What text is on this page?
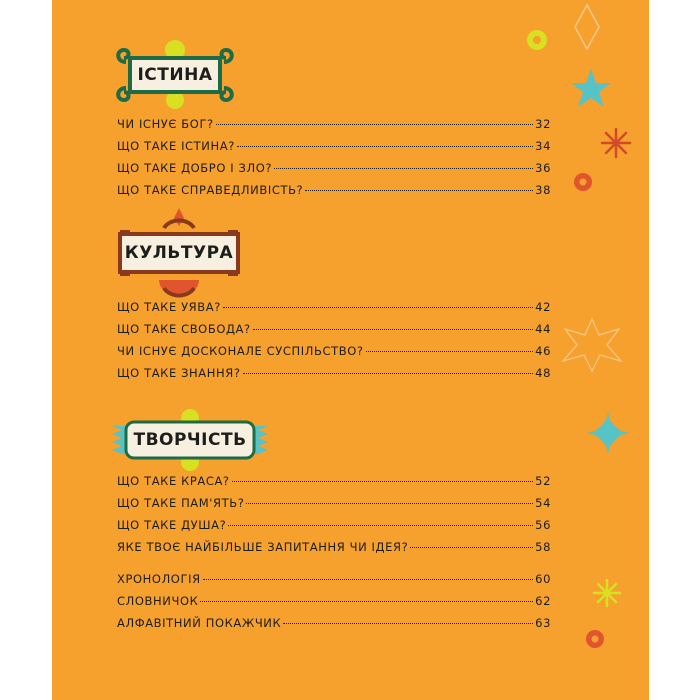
ІСТИНА
ЧИ ІСНУЄ БОГ?	32
ЩО ТАКЕ ІСТИНА?	34
ЩО ТАКЕ ДОБРО І ЗЛО?	36
ЩО ТАКЕ СПРАВЕДЛИВІСТЬ?	38
КУЛЬТУРА
ЩО ТАКЕ УЯВА?	42
ЩО ТАКЕ СВОБОДА?	44
ЧИ ІСНУЄ ДОСКОНАЛЕ СУСПІЛЬСТВО?	46
ЩО ТАКЕ ЗНАННЯ?	48
ТВОРЧІСТЬ
ЩО ТАКЕ КРАСА?	52
ЩО ТАКЕ ПАМ'ЯТЬ?	54
ЩО ТАКЕ ДУША?	56
ЯКЕ ТВОЄ НАЙБІЛЬШЕ ЗАПИТАННЯ ЧИ ІДЕЯ?	58
ХРОНОЛОГІЯ	60
СЛОВНИЧОК	62
АЛФАВІТНИЙ ПОКАЖЧИК	63
